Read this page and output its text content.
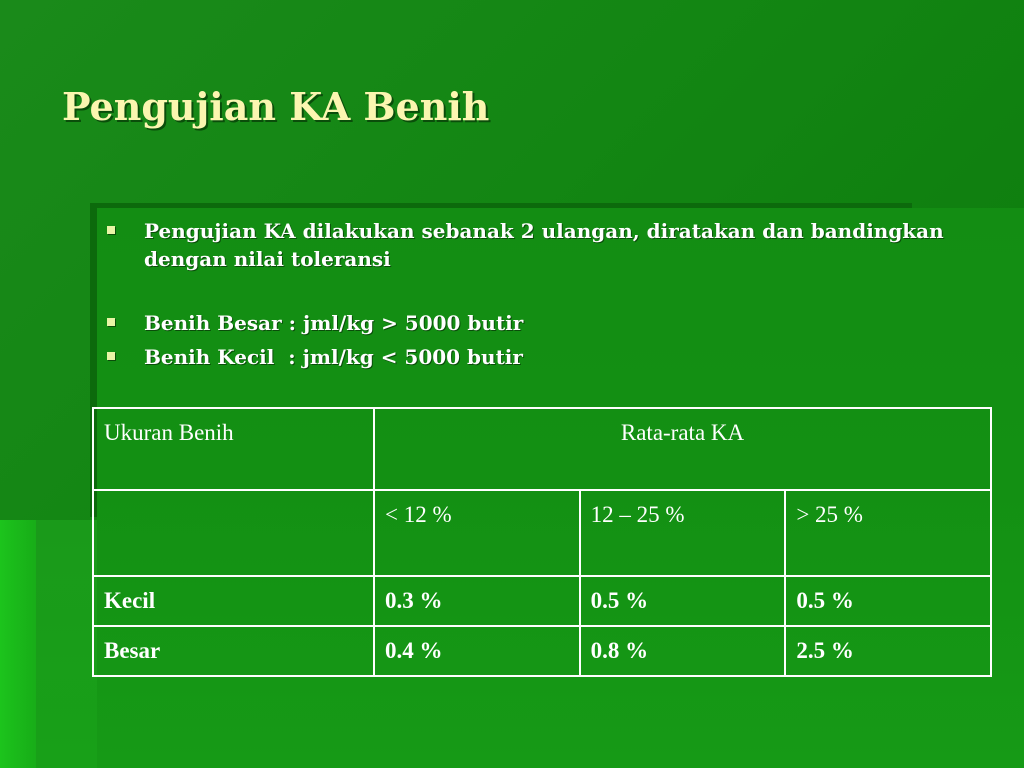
Pengujian KA Benih
Pengujian KA dilakukan sebanak 2 ulangan, diratakan dan bandingkan dengan nilai toleransi
Benih Besar : jml/kg > 5000 butir
Benih Kecil  : jml/kg < 5000 butir
Ukuran Benih	Rata-rata KA		
	< 12 %	12 – 25 %	> 25 %
Kecil	0.3 %	0.5 %	0.5 %
Besar	0.4 %	0.8 %	2.5 %
